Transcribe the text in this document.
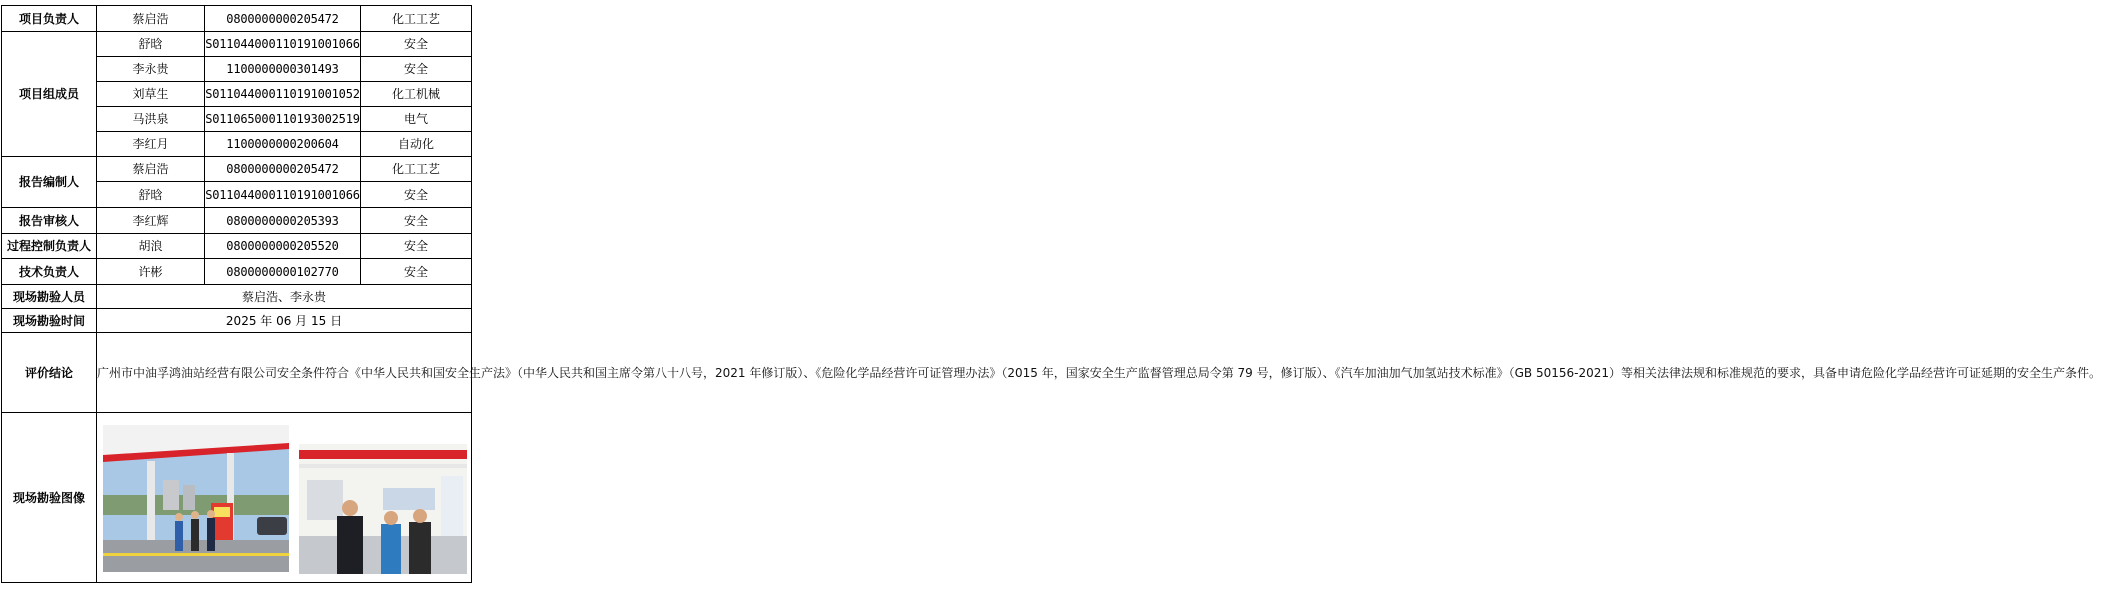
项目负责人	蔡启浩	0800000000205472	化工工艺
项目组成员	舒晗	S011044000110191001066	安全
	李永贵	1100000000301493	安全
	刘草生	S011044000110191001052	化工机械
	马洪泉	S011065000110193002519	电气
	李红月	1100000000200604	自动化
报告编制人	蔡启浩	0800000000205472	化工工艺
	舒晗	S011044000110191001066	安全
报告审核人	李红辉	0800000000205393	安全
过程控制负责人	胡浪	0800000000205520	安全
技术负责人	许彬	0800000000102770	安全
现场勘验人员	蔡启浩、李永贵		
现场勘验时间	2025 年 06 月 15 日		
评价结论	广州市中油孚鸿油站经营有限公司安全条件符合《中华人民共和国安全生产法》（中华人民共和国主席令第八十八号，2021 年修订版）、《危险化学品经营许可证管理办法》（2015 年，国家安全生产监督管理总局令第 79 号，修订版）、《汽车加油加气加氢站技术标准》（GB 50156-2021）等相关法律法规和标准规范的要求，具备申请危险化学品经营许可证延期的安全生产条件。		
现场勘验图像	
